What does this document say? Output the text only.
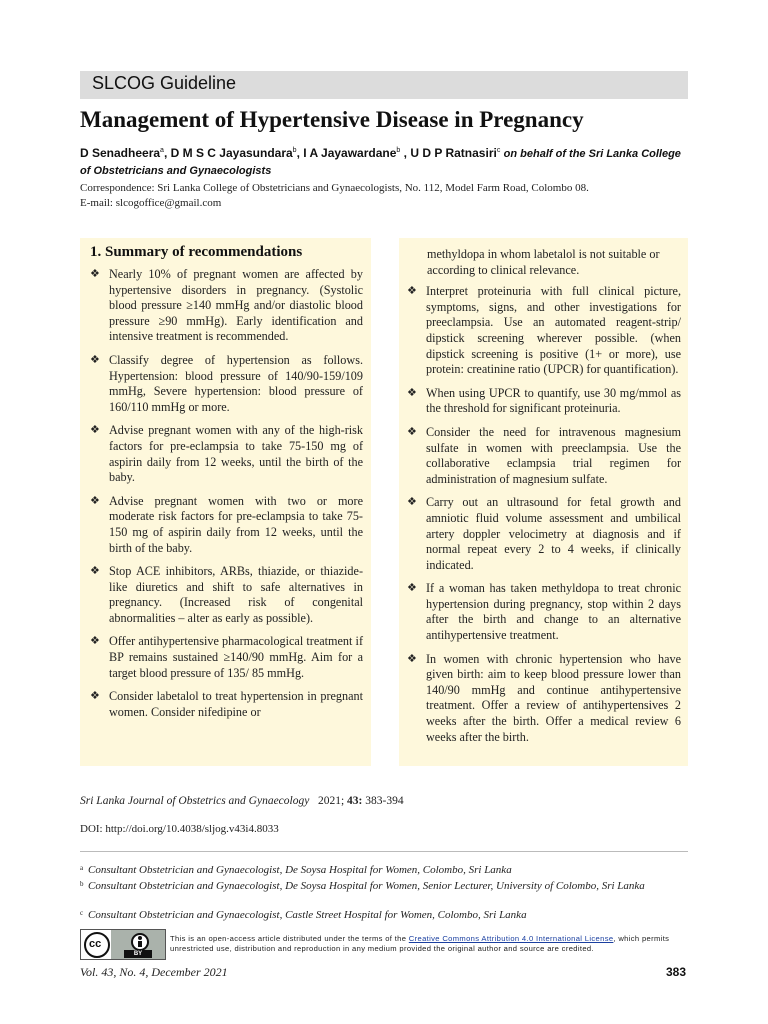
SLCOG Guideline
Management of Hypertensive Disease in Pregnancy
D Senadheera$^a$, D M S C Jayasundara$^b$, I A Jayawardane$^b$ , U D P Ratnasiri$^c$ on behalf of the Sri Lanka College of Obstetricians and Gynaecologists
Correspondence: Sri Lanka College of Obstetricians and Gynaecologists, No. 112, Model Farm Road, Colombo 08.
E-mail: slcogoffice@gmail.com
1. Summary of recommendations
❖ Nearly 10% of pregnant women are affected by hypertensive disorders in pregnancy. (Systolic blood pressure ≥140 mmHg and/or diastolic blood pressure ≥90 mmHg). Early identification and intensive treatment is recommended.
❖ Classify degree of hypertension as follows. Hypertension: blood pressure of 140/90-159/109 mmHg, Severe hypertension: blood pressure of 160/110 mmHg or more.
❖ Advise pregnant women with any of the high-risk factors for pre-eclampsia to take 75-150 mg of aspirin daily from 12 weeks, until the birth of the baby.
❖ Advise pregnant women with two or more moderate risk factors for pre-eclampsia to take 75-150 mg of aspirin daily from 12 weeks, until the birth of the baby.
❖ Stop ACE inhibitors, ARBs, thiazide, or thiazide-like diuretics and shift to safe alternatives in pregnancy. (Increased risk of congenital abnormalities – alter as early as possible).
❖ Offer antihypertensive pharmacological treatment if BP remains sustained ≥140/90 mmHg. Aim for a target blood pressure of 135/ 85 mmHg.
❖ Consider labetalol to treat hypertension in pregnant women. Consider nifedipine or
methyldopa in whom labetalol is not suitable or according to clinical relevance.
❖ Interpret proteinuria with full clinical picture, symptoms, signs, and other investigations for preeclampsia. Use an automated reagent-strip/ dipstick screening wherever possible. (when dipstick screening is positive (1+ or more), use protein: creatinine ratio (UPCR) for quantification).
❖ When using UPCR to quantify, use 30 mg/mmol as the threshold for significant proteinuria.
❖ Consider the need for intravenous magnesium sulfate in women with preeclampsia. Use the collaborative eclampsia trial regimen for administration of magnesium sulfate.
❖ Carry out an ultrasound for fetal growth and amniotic fluid volume assessment and umbilical artery doppler velocimetry at diagnosis and if normal repeat every 2 to 4 weeks, if clinically indicated.
❖ If a woman has taken methyldopa to treat chronic hypertension during pregnancy, stop within 2 days after the birth and change to an alternative antihypertensive treatment.
❖ In women with chronic hypertension who have given birth: aim to keep blood pressure lower than 140/90 mmHg and continue antihypertensive treatment. Offer a review of antihypertensives 2 weeks after the birth. Offer a medical review 6 weeks after the birth.
Sri Lanka Journal of Obstetrics and Gynaecology 2021; 43: 383-394
DOI: http://doi.org/10.4038/sljog.v43i4.8033
a Consultant Obstetrician and Gynaecologist, De Soysa Hospital for Women, Colombo, Sri Lanka
b Consultant Obstetrician and Gynaecologist, De Soysa Hospital for Women, Senior Lecturer, University of Colombo, Sri Lanka
c Consultant Obstetrician and Gynaecologist, Castle Street Hospital for Women, Colombo, Sri Lanka
cc
BY
This is an open-access article distributed under the terms of the Creative Commons Attribution 4.0 International License, which permits unrestricted use, distribution and reproduction in any medium provided the original author and source are credited.
Vol. 43, No. 4, December 2021	383
